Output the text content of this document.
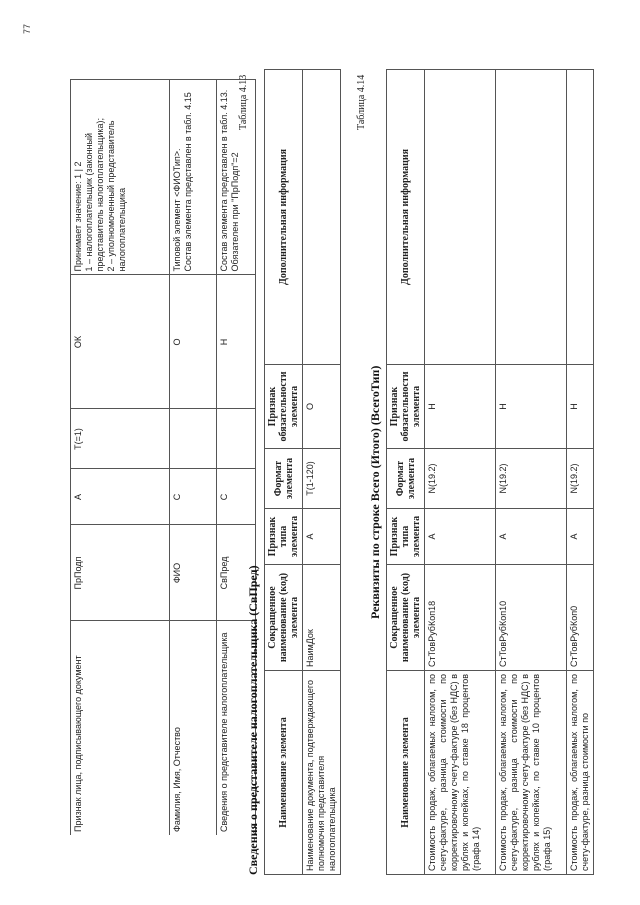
77
Признак лица, подписывающего документ	ПрПодп	А	Т(=1)	ОК	Принимает значение: 1 | 2
1 – налогоплательщик (законный представитель налогоплательщика);
2 – уполномоченный представитель налогоплательщика
Фамилия, Имя, Отчество	ФИО	С		О	Типовой элемент <ФИОТип>.
Состав элемента представлен в табл. 4.15
Сведения о представителе налогоплательщика	СвПред	С		Н	Состав элемента представлен в табл. 4.13.
Обязателен при "ПрПодп"=2
Таблица 4.13
Сведения о представителе налогоплательщика (СвПред) Наименование элемента	Сокращенное наименование (код) элемента	Признак типа элемента	Формат элемента	Признак обязательности элемента	Дополнительная информация
Наименование документа, подтверждающего полномочия представителя налогоплательщика	НаимДок	А	Т(1-120)	О	
Таблица 4.14
Реквизиты по строке Всего (Итого) (ВсегоТип)
Наименование элемента	Сокращенное наименование (код) элемента	Признак типа элемента	Формат элемента	Признак обязательности элемента	Дополнительная информация
Стоимость продаж, облагаемых налогом, по счету-фактуре, разница стоимости по корректировочному счету-фактуре (без НДС) в рублях и копейках, по ставке 18 процентов (графа 14)	СтТовРубКоп18	А	N(19.2)	Н	
Стоимость продаж, облагаемых налогом, по счету-фактуре, разница стоимости по корректировочному счету-фактуре (без НДС) в рублях и копейках, по ставке 10 процентов (графа 15)	СтТовРубКоп10	А	N(19.2)	Н	
Стоимость продаж, облагаемых налогом, по счету-фактуре, разница стоимости по	СтТовРубКоп0	А	N(19.2)	Н	
